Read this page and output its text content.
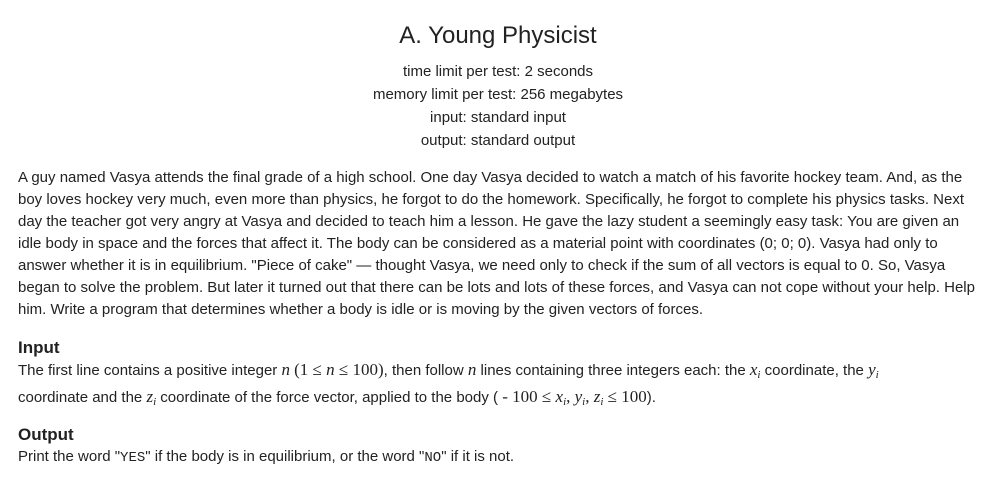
A. Young Physicist
time limit per test: 2 seconds
memory limit per test: 256 megabytes
input: standard input
output: standard output
A guy named Vasya attends the final grade of a high school. One day Vasya decided to watch a match of his favorite hockey team. And, as the boy loves hockey very much, even more than physics, he forgot to do the homework. Specifically, he forgot to complete his physics tasks. Next day the teacher got very angry at Vasya and decided to teach him a lesson. He gave the lazy student a seemingly easy task: You are given an idle body in space and the forces that affect it. The body can be considered as a material point with coordinates (0; 0; 0). Vasya had only to answer whether it is in equilibrium. "Piece of cake" — thought Vasya, we need only to check if the sum of all vectors is equal to 0. So, Vasya began to solve the problem. But later it turned out that there can be lots and lots of these forces, and Vasya can not cope without your help. Help him. Write a program that determines whether a body is idle or is moving by the given vectors of forces.
Input
The first line contains a positive integer n (1 ≤ n ≤ 100), then follow n lines containing three integers each: the $x_i$ coordinate, the $y_i$
coordinate and the $z_i$ coordinate of the force vector, applied to the body ( - $100 \le x_i$, $y_i$, $z_i \le 100$).
Output
Print the word "YES" if the body is in equilibrium, or the word "NO" if it is not.
